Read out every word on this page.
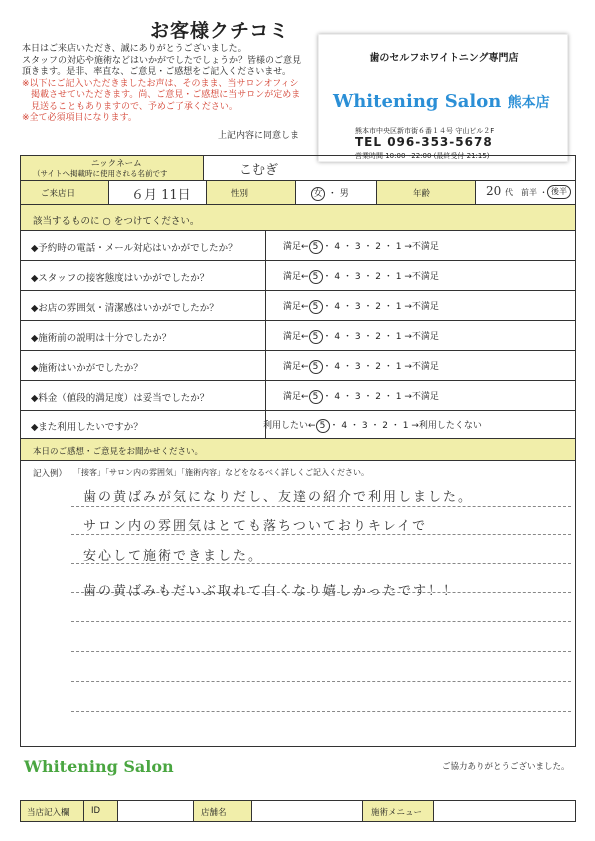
お客様クチコミ
本日はご来店いただき、誠にありがとうございました。
スタッフの対応や施術などはいかがでしたでしょうか？皆様のご意見
頂きます。是非、率直な、ご意見・ご感想をご記入くださいませ。
※以下にご記入いただきましたお声は、そのまま、当サロンオフィシ
　掲載させていただきます。尚、ご意見・ご感想に当サロンが定めま
　見送ることもありますので、予めご了承ください。
※全て必須項目になります。
上記内容に同意しま
歯のセルフホワイトニング専門店
Whitening Salon 熊本店
熊本市中央区新市街６番１４号 守山ビル２F
TEL 096-353-5678
営業時間 10:00~22:00 (最終受付 21:15)
ニックネーム
（サイトへ掲載時に使用される名前です	こむぎ
ご来店日	６月 11日	性別	女 ・ 男	年齢	20 代　前半 ・ 後半
該当するものに ○ をつけてください。
◆予約時の電話・メール対応はいかがでしたか？	満足← 5 ・ 4 ・ 3 ・ 2 ・ 1 →不満足
◆スタッフの接客態度はいかがでしたか？	満足← 5 ・ 4 ・ 3 ・ 2 ・ 1 →不満足
◆お店の雰囲気・清潔感はいかがでしたか？	満足← 5 ・ 4 ・ 3 ・ 2 ・ 1 →不満足
◆施術前の説明は十分でしたか？	満足← 5 ・ 4 ・ 3 ・ 2 ・ 1 →不満足
◆施術はいかがでしたか？	満足← 5 ・ 4 ・ 3 ・ 2 ・ 1 →不満足
◆料金（値段的満足度）は妥当でしたか？	満足← 5 ・ 4 ・ 3 ・ 2 ・ 1 →不満足
◆また利用したいですか？	利用したい← 5 ・ 4 ・ 3 ・ 2 ・ 1 →利用したくない
本日のご感想・ご意見をお聞かせください。
記入例） 「接客」「サロン内の雰囲気」「施術内容」などをなるべく詳しくご記入ください。
歯の黄ばみが気になりだし、友達の紹介で利用しました。
サロン内の雰囲気はとても落ちついておりキレイで
安心して施術できました。
歯の黄ばみもだいぶ取れて白くなり嬉しかったです！！
Whitening Salon	ご協力ありがとうございました。
当店記入欄	ID	店舗名	施術メニュー
